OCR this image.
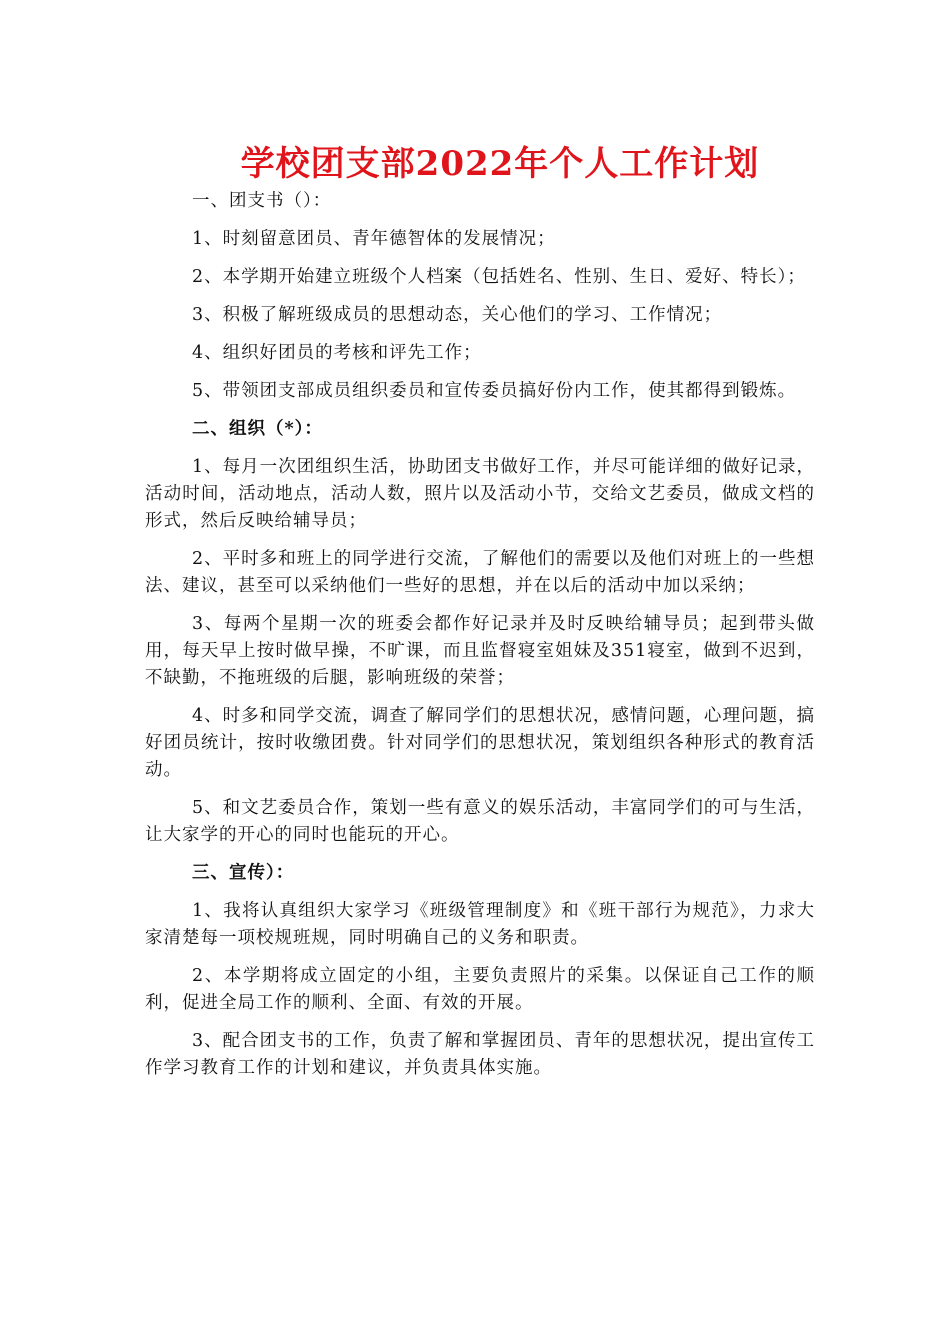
学校团支部2022年个人工作计划
一、团支书（）：
1、时刻留意团员、青年德智体的发展情况；
2、本学期开始建立班级个人档案（包括姓名、性别、生日、爱好、特长）；
3、积极了解班级成员的思想动态，关心他们的学习、工作情况；
4、组织好团员的考核和评先工作；
5、带领团支部成员组织委员和宣传委员搞好份内工作，使其都得到锻炼。
二、组织（*）：
1、每月一次团组织生活，协助团支书做好工作，并尽可能详细的做好记录，活动时间，活动地点，活动人数，照片以及活动小节，交给文艺委员，做成文档的形式，然后反映给辅导员；
2、平时多和班上的同学进行交流，了解他们的需要以及他们对班上的一些想法、建议，甚至可以采纳他们一些好的思想，并在以后的活动中加以采纳；
3、每两个星期一次的班委会都作好记录并及时反映给辅导员；起到带头做用，每天早上按时做早操，不旷课，而且监督寝室姐妹及351寝室，做到不迟到，不缺勤，不拖班级的后腿，影响班级的荣誉；
4、时多和同学交流，调查了解同学们的思想状况，感情问题，心理问题，搞好团员统计，按时收缴团费。针对同学们的思想状况，策划组织各种形式的教育活动。
5、和文艺委员合作，策划一些有意义的娱乐活动，丰富同学们的可与生活，让大家学的开心的同时也能玩的开心。
三、宣传）：
1、我将认真组织大家学习《班级管理制度》和《班干部行为规范》，力求大家清楚每一项校规班规，同时明确自己的义务和职责。
2、本学期将成立固定的小组，主要负责照片的采集。以保证自己工作的顺利，促进全局工作的顺利、全面、有效的开展。
3、配合团支书的工作，负责了解和掌握团员、青年的思想状况，提出宣传工作学习教育工作的计划和建议，并负责具体实施。
